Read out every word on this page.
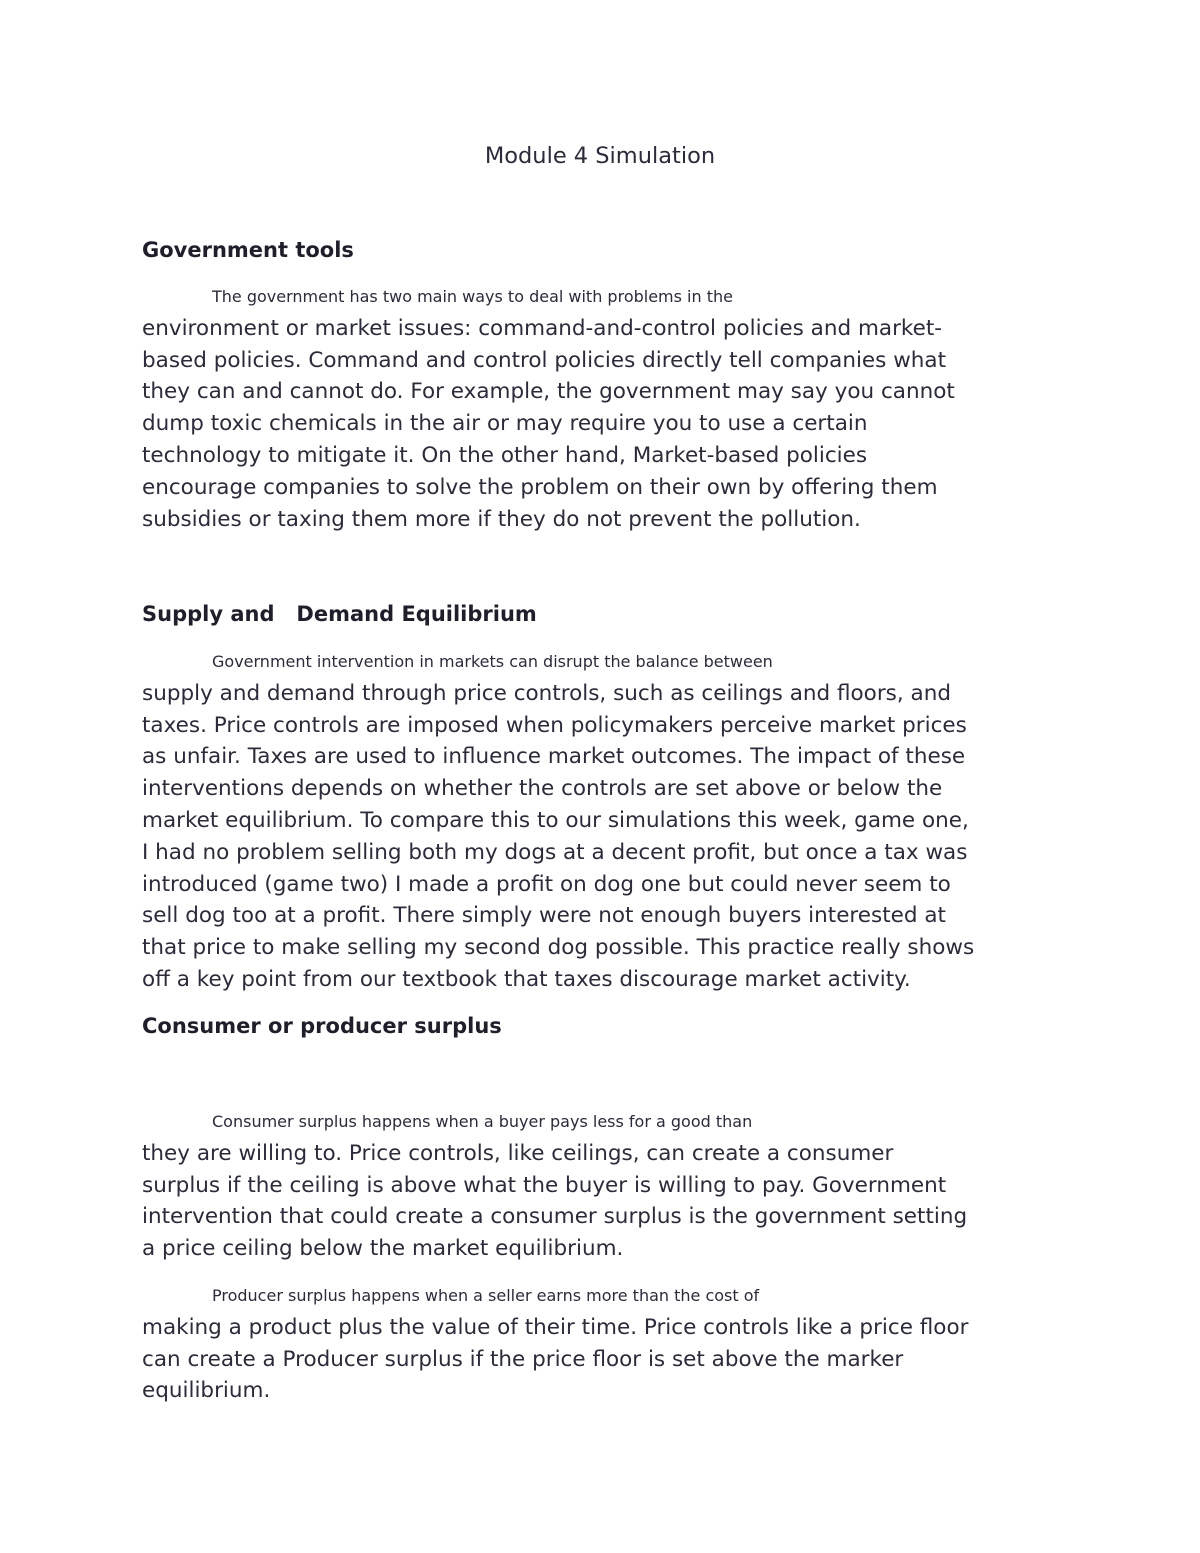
Module 4 Simulation
Government tools

The government has two main ways to deal with problems in the
environment or market issues: command-and-control policies and market-
based policies. Command and control policies directly tell companies what
they can and cannot do. For example, the government may say you cannot
dump toxic chemicals in the air or may require you to use a certain
technology to mitigate it. On the other hand, Market-based policies
encourage companies to solve the problem on their own by offering them
subsidies or taxing them more if they do not prevent the pollution.

Supply and   Demand Equilibrium

Government intervention in markets can disrupt the balance between
supply and demand through price controls, such as ceilings and floors, and
taxes. Price controls are imposed when policymakers perceive market prices
as unfair. Taxes are used to influence market outcomes. The impact of these
interventions depends on whether the controls are set above or below the
market equilibrium. To compare this to our simulations this week, game one,
I had no problem selling both my dogs at a decent profit, but once a tax was
introduced (game two) I made a profit on dog one but could never seem to
sell dog too at a profit. There simply were not enough buyers interested at
that price to make selling my second dog possible. This practice really shows
off a key point from our textbook that taxes discourage market activity.

Consumer or producer surplus

Consumer surplus happens when a buyer pays less for a good than
they are willing to. Price controls, like ceilings, can create a consumer
surplus if the ceiling is above what the buyer is willing to pay. Government
intervention that could create a consumer surplus is the government setting
a price ceiling below the market equilibrium.

Producer surplus happens when a seller earns more than the cost of
making a product plus the value of their time. Price controls like a price floor
can create a Producer surplus if the price floor is set above the marker
equilibrium.
